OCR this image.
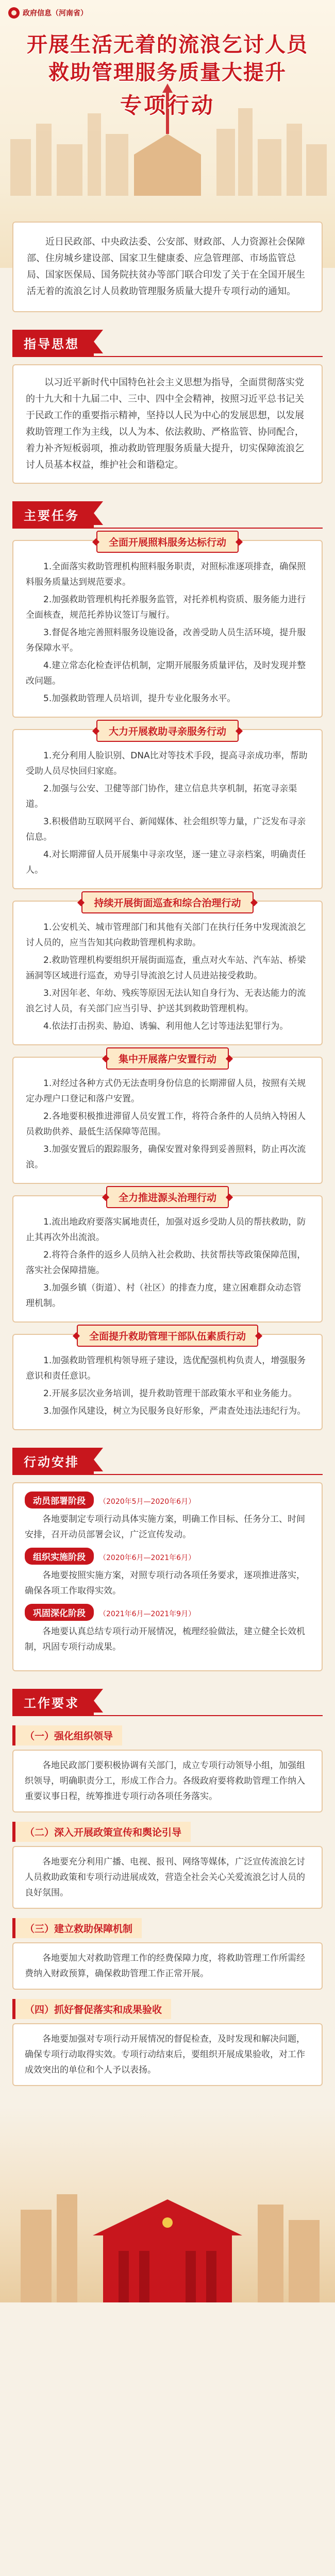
政府信息（河南省）
开展生活无着的流浪乞讨人员
救助管理服务质量大提升
专项行动
近日民政部、中央政法委、公安部、财政部、人力资源社会保障部、住房城乡建设部、国家卫生健康委、应急管理部、市场监管总局、国家医保局、国务院扶贫办等部门联合印发了关于在全国开展生活无着的流浪乞讨人员救助管理服务质量大提升专项行动的通知。
指导思想
以习近平新时代中国特色社会主义思想为指导，全面贯彻落实党的十九大和十九届二中、三中、四中全会精神，按照习近平总书记关于民政工作的重要指示精神，坚持以人民为中心的发展思想，以发展救助管理工作为主线，以人为本、依法救助、严格监管、协同配合，着力补齐短板弱项，推动救助管理服务质量大提升，切实保障流浪乞讨人员基本权益，维护社会和谐稳定。
主要任务
全面开展照料服务达标行动

1.全面落实救助管理机构照料服务职责，对照标准逐项排查，确保照料服务质量达到规范要求。

2.加强救助管理机构托养服务监管，对托养机构资质、服务能力进行全面核查，规范托养协议签订与履行。

3.督促各地完善照料服务设施设备，改善受助人员生活环境，提升服务保障水平。

4.建立常态化检查评估机制，定期开展服务质量评估，及时发现并整改问题。

5.加强救助管理人员培训，提升专业化服务水平。

大力开展救助寻亲服务行动

1.充分利用人脸识别、DNA比对等技术手段，提高寻亲成功率，帮助受助人员尽快回归家庭。

2.加强与公安、卫健等部门协作，建立信息共享机制，拓宽寻亲渠道。

3.积极借助互联网平台、新闻媒体、社会组织等力量，广泛发布寻亲信息。

4.对长期滞留人员开展集中寻亲攻坚，逐一建立寻亲档案，明确责任人。

持续开展街面巡查和综合治理行动

1.公安机关、城市管理部门和其他有关部门在执行任务中发现流浪乞讨人员的，应当告知其向救助管理机构求助。

2.救助管理机构要组织开展街面巡查，重点对火车站、汽车站、桥梁涵洞等区域进行巡查，劝导引导流浪乞讨人员进站接受救助。

3.对因年老、年幼、残疾等原因无法认知自身行为、无表达能力的流浪乞讨人员，有关部门应当引导、护送其到救助管理机构。

4.依法打击拐卖、胁迫、诱骗、利用他人乞讨等违法犯罪行为。

集中开展落户安置行动

1.对经过各种方式仍无法查明身份信息的长期滞留人员，按照有关规定办理户口登记和落户安置。

2.各地要积极推进滞留人员安置工作，将符合条件的人员纳入特困人员救助供养、最低生活保障等范围。

3.加强安置后的跟踪服务，确保安置对象得到妥善照料，防止再次流浪。

全力推进源头治理行动

1.流出地政府要落实属地责任，加强对返乡受助人员的帮扶救助，防止其再次外出流浪。

2.将符合条件的返乡人员纳入社会救助、扶贫帮扶等政策保障范围，落实社会保障措施。

3.加强乡镇（街道）、村（社区）的排查力度，建立困难群众动态管理机制。

全面提升救助管理干部队伍素质行动

1.加强救助管理机构领导班子建设，选优配强机构负责人，增强服务意识和责任意识。

2.开展多层次业务培训，提升救助管理干部政策水平和业务能力。

3.加强作风建设，树立为民服务良好形象，严肃查处违法违纪行为。

行动安排
动员部署阶段 （2020年5月—2020年6月）

各地要制定专项行动具体实施方案，明确工作目标、任务分工、时间安排，召开动员部署会议，广泛宣传发动。

组织实施阶段 （2020年6月—2021年6月）

各地要按照实施方案，对照专项行动各项任务要求，逐项推进落实，确保各项工作取得实效。

巩固深化阶段 （2021年6月—2021年9月）

各地要认真总结专项行动开展情况，梳理经验做法，建立健全长效机制，巩固专项行动成果。

工作要求
（一）强化组织领导
各地民政部门要积极协调有关部门，成立专项行动领导小组，加强组织领导，明确职责分工，形成工作合力。各级政府要将救助管理工作纳入重要议事日程，统筹推进专项行动各项任务落实。
（二）深入开展政策宣传和舆论引导
各地要充分利用广播、电视、报刊、网络等媒体，广泛宣传流浪乞讨人员救助政策和专项行动进展成效，营造全社会关心关爱流浪乞讨人员的良好氛围。
（三）建立救助保障机制
各地要加大对救助管理工作的经费保障力度，将救助管理工作所需经费纳入财政预算，确保救助管理工作正常开展。
（四）抓好督促落实和成果验收
各地要加强对专项行动开展情况的督促检查，及时发现和解决问题，确保专项行动取得实效。专项行动结束后，要组织开展成果验收，对工作成效突出的单位和个人予以表扬。
